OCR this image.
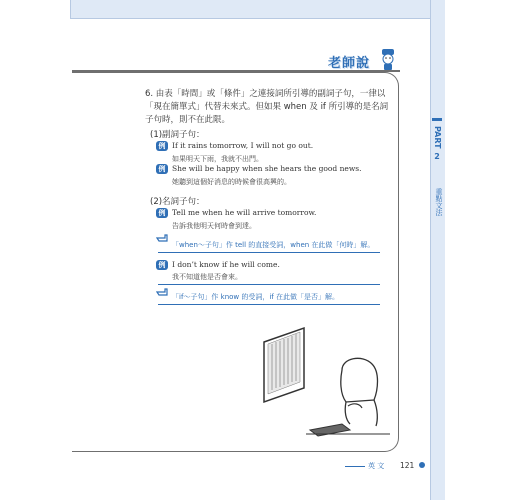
老師說
PART
2
重點文法
6. 由表「時間」或「條件」之連接詞所引導的副詞子句，一律以「現在簡單式」代替未來式。但如果 when 及 if 所引導的是名詞子句時，則不在此限。
(1)副詞子句：
例 If it rains tomorrow, I will not go out.
如果明天下雨，我就不出門。
例 She will be happy when she hears the good news.
她聽到這個好消息的時候會很高興的。
(2)名詞子句：
例 Tell me when he will arrive tomorrow.
告訴我他明天何時會到達。
「when～子句」作 tell 的直接受詞，when 在此做「何時」解。
例 I don’t know if he will come.
我不知道他是否會來。
「if～子句」作 know 的受詞，if 在此做「是否」解。
英 文 121
